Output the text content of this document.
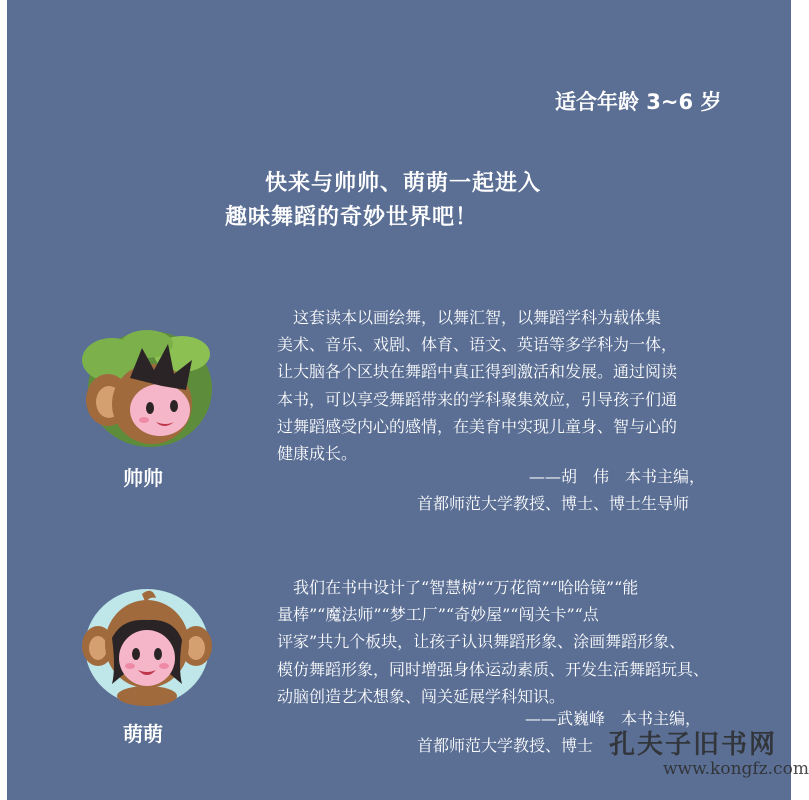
适合年龄 3~6 岁
快来与帅帅、萌萌一起进入
趣味舞蹈的奇妙世界吧！
帅帅
这套读本以画绘舞，以舞汇智，以舞蹈学科为载体集
美术、音乐、戏剧、体育、语文、英语等多学科为一体，
让大脑各个区块在舞蹈中真正得到激活和发展。通过阅读
本书，可以享受舞蹈带来的学科聚集效应，引导孩子们通
过舞蹈感受内心的感情，在美育中实现儿童身、智与心的
健康成长。
——胡　伟　本书主编，
首都师范大学教授、博士、博士生导师
萌萌
我们在书中设计了“智慧树”“万花筒”“哈哈镜”“能
量棒”“魔法师”“梦工厂”“奇妙屋”“闯关卡”“点
评家”共九个板块，让孩子认识舞蹈形象、涂画舞蹈形象、
模仿舞蹈形象，同时增强身体运动素质、开发生活舞蹈玩具、
动脑创造艺术想象、闯关延展学科知识。
——武巍峰　本书主编，
首都师范大学教授、博士 孔夫子旧书网
www.kongfz.com
